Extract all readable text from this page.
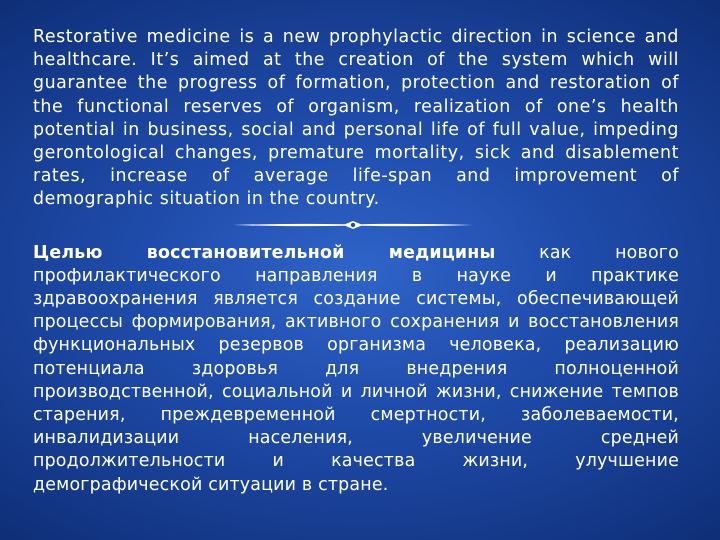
Restorative medicine is a new prophylactic direction in science and healthcare. It’s aimed at the creation of the system which will guarantee the progress of formation, protection and restoration of the functional reserves of organism, realization of one’s health potential in business, social and personal life of full value, impeding gerontological changes, premature mortality, sick and disablement rates, increase of average life-span and improvement of demographic situation in the country.

Целью восстановительной медицины как нового профилактического направления в науке и практике здравоохранения является создание системы, обеспечивающей процессы формирования, активного сохранения и восстановления функциональных резервов организма человека, реализацию потенциала здоровья для внедрения полноценной производственной, социальной и личной жизни, снижение темпов старения, преждевременной смертности, заболеваемости, инвалидизации населения, увеличение средней продолжительности и качества жизни, улучшение демографической ситуации в стране.
